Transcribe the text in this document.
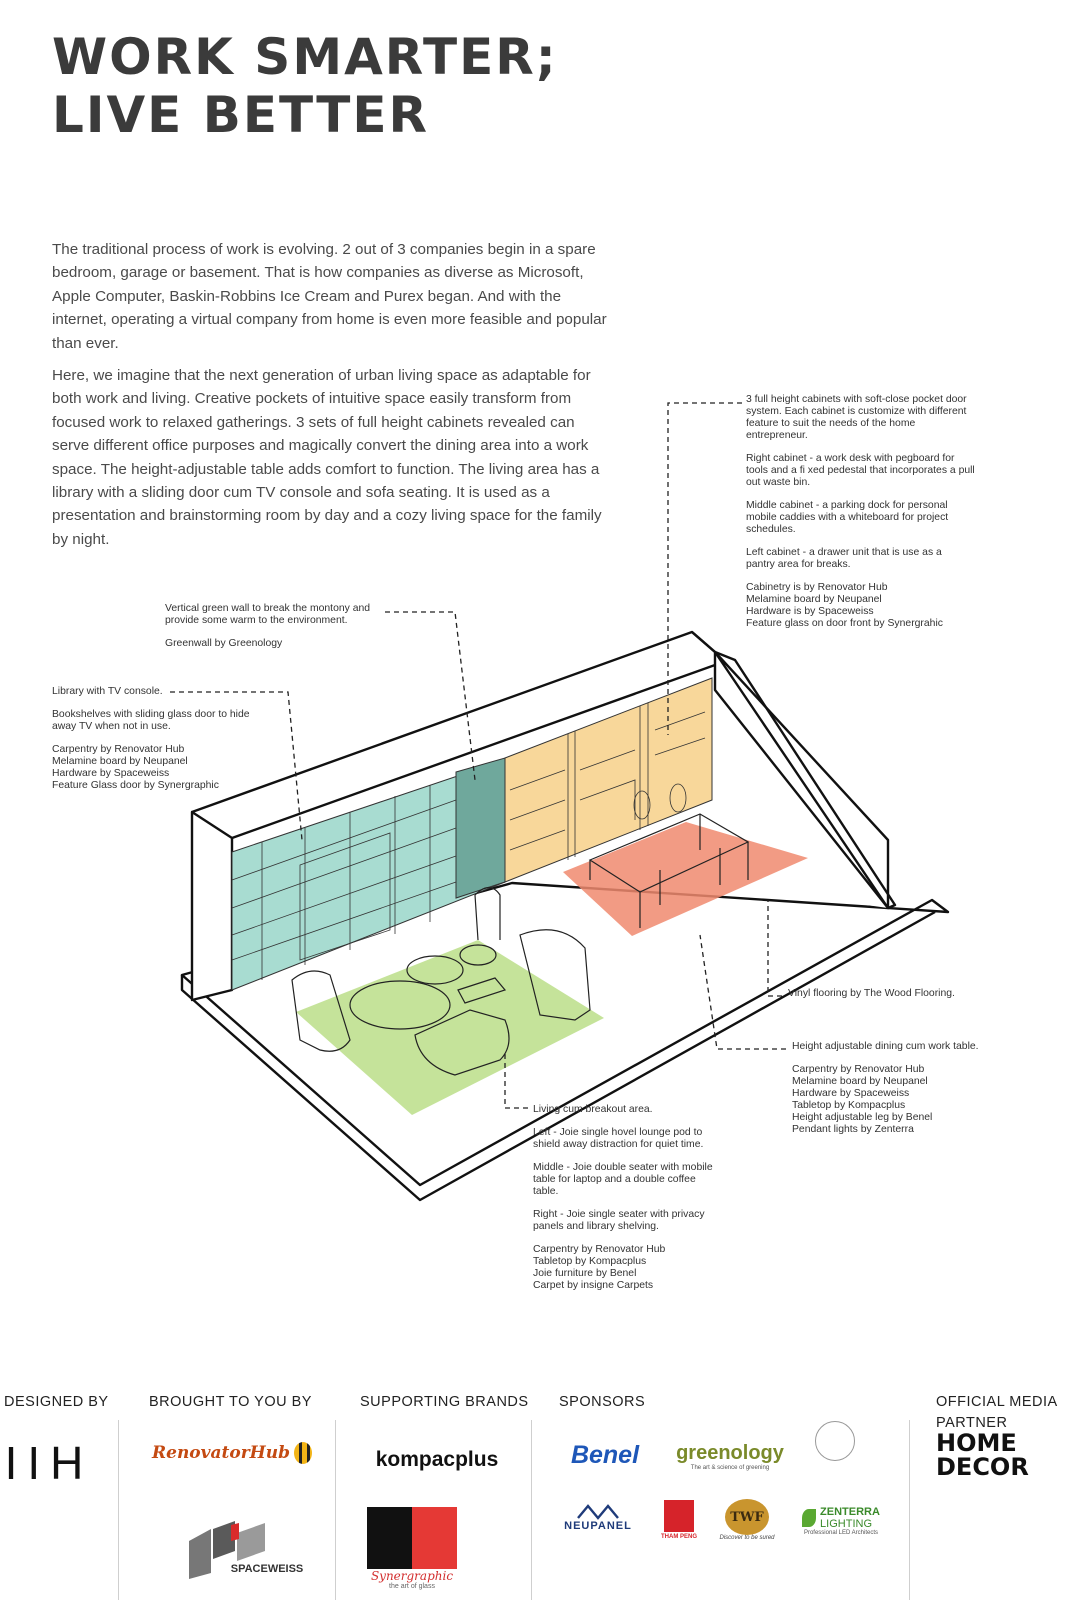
WORK SMARTER;
LIVE BETTER

The traditional process of work is evolving. 2 out of 3 companies begin in a spare bedroom, garage or basement. That is how companies as diverse as Microsoft, Apple Computer, Baskin-Robbins Ice Cream and Purex began. And with the internet, operating a virtual company from home is even more feasible and popular than ever.

Here, we imagine that the next generation of urban living space as adaptable for both work and living. Creative pockets of intuitive space easily transform from focused work to relaxed gatherings. 3 sets of full height cabinets revealed can serve different office purposes and magically convert the dining area into a work space. The height-adjustable table adds comfort to function. The living area has a library with a sliding door cum TV console and sofa seating. It is used as a presentation and brainstorming room by day and a cozy living space for the family by night.

3 full height cabinets with soft-close pocket door
system. Each cabinet is customize with different
feature to suit the needs of the home
entrepreneur.

Right cabinet - a work desk with pegboard for
tools and a fi xed pedestal that incorporates a pull
out waste bin.

Middle cabinet - a parking dock for personal
mobile caddies with a whiteboard for project
schedules.

Left cabinet - a drawer unit that is use as a
pantry area for breaks.

Cabinetry is by Renovator Hub
Melamine board by Neupanel
Hardware is by Spaceweiss
Feature glass on door front by Synergrahic

Vertical green wall to break the montony and
provide some warm to the environment.

Greenwall by Greenology

Library with TV console.

Bookshelves with sliding glass door to hide
away TV when not in use.

Carpentry by Renovator Hub
Melamine board by Neupanel
Hardware by Spaceweiss
Feature Glass door by Synergraphic

Vinyl flooring by The Wood Flooring.

Height adjustable dining cum work table.

Carpentry by Renovator Hub
Melamine board by Neupanel
Hardware by Spaceweiss
Tabletop by Kompacplus
Height adjustable leg by Benel
Pendant lights by Zenterra

Living cum breakout area.

Left - Joie single hovel lounge pod to
shield away distraction for quiet time.

Middle - Joie double seater with mobile
table for laptop and a double coffee
table.

Right - Joie single seater with privacy
panels and library shelving.

Carpentry by Renovator Hub
Tabletop by Kompacplus
Joie furniture by Benel
Carpet by insigne Carpets

DESIGNED BY
IIH
BROUGHT TO YOU BY
RenovatorHub
SPACEWEISS
SUPPORTING BRANDS
kompacplus
Synergraphic
the art of glass
SPONSORS
Benel	greenology
The art & science of greening
NEUPANEL
THAM PENG
TWF
Discover to be sured
ZENTERRA
LIGHTING
Professional LED Architects
OFFICIAL MEDIA
PARTNER
HOME
DECOR
